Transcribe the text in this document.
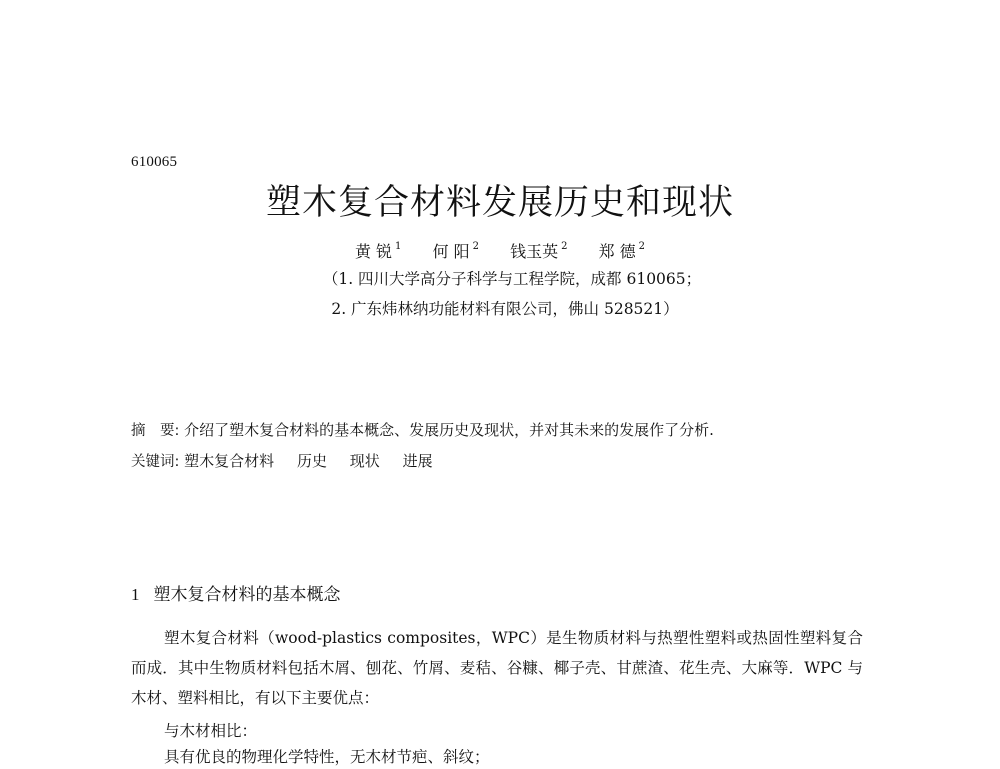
610065
塑木复合材料发展历史和现状
黄 锐 $^1$ 何 阳 $^2$ 钱玉英 $^2$ 郑 德 $^2$
（1. 四川大学高分子科学与工程学院，成都 610065；
2. 广东炜林纳功能材料有限公司，佛山 528521）
摘　要: 介绍了塑木复合材料的基本概念、发展历史及现状，并对其未来的发展作了分析.
关键词: 塑木复合材料 历史 现状 进展
1 塑木复合材料的基本概念
塑木复合材料（wood-plastics composites，WPC）是生物质材料与热塑性塑料或热固性塑料复合而成．其中生物质材料包括木屑、刨花、竹屑、麦秸、谷糠、椰子壳、甘蔗渣、花生壳、大麻等．WPC 与木材、塑料相比，有以下主要优点：
与木材相比：
具有优良的物理化学特性，无木材节疤、斜纹；
